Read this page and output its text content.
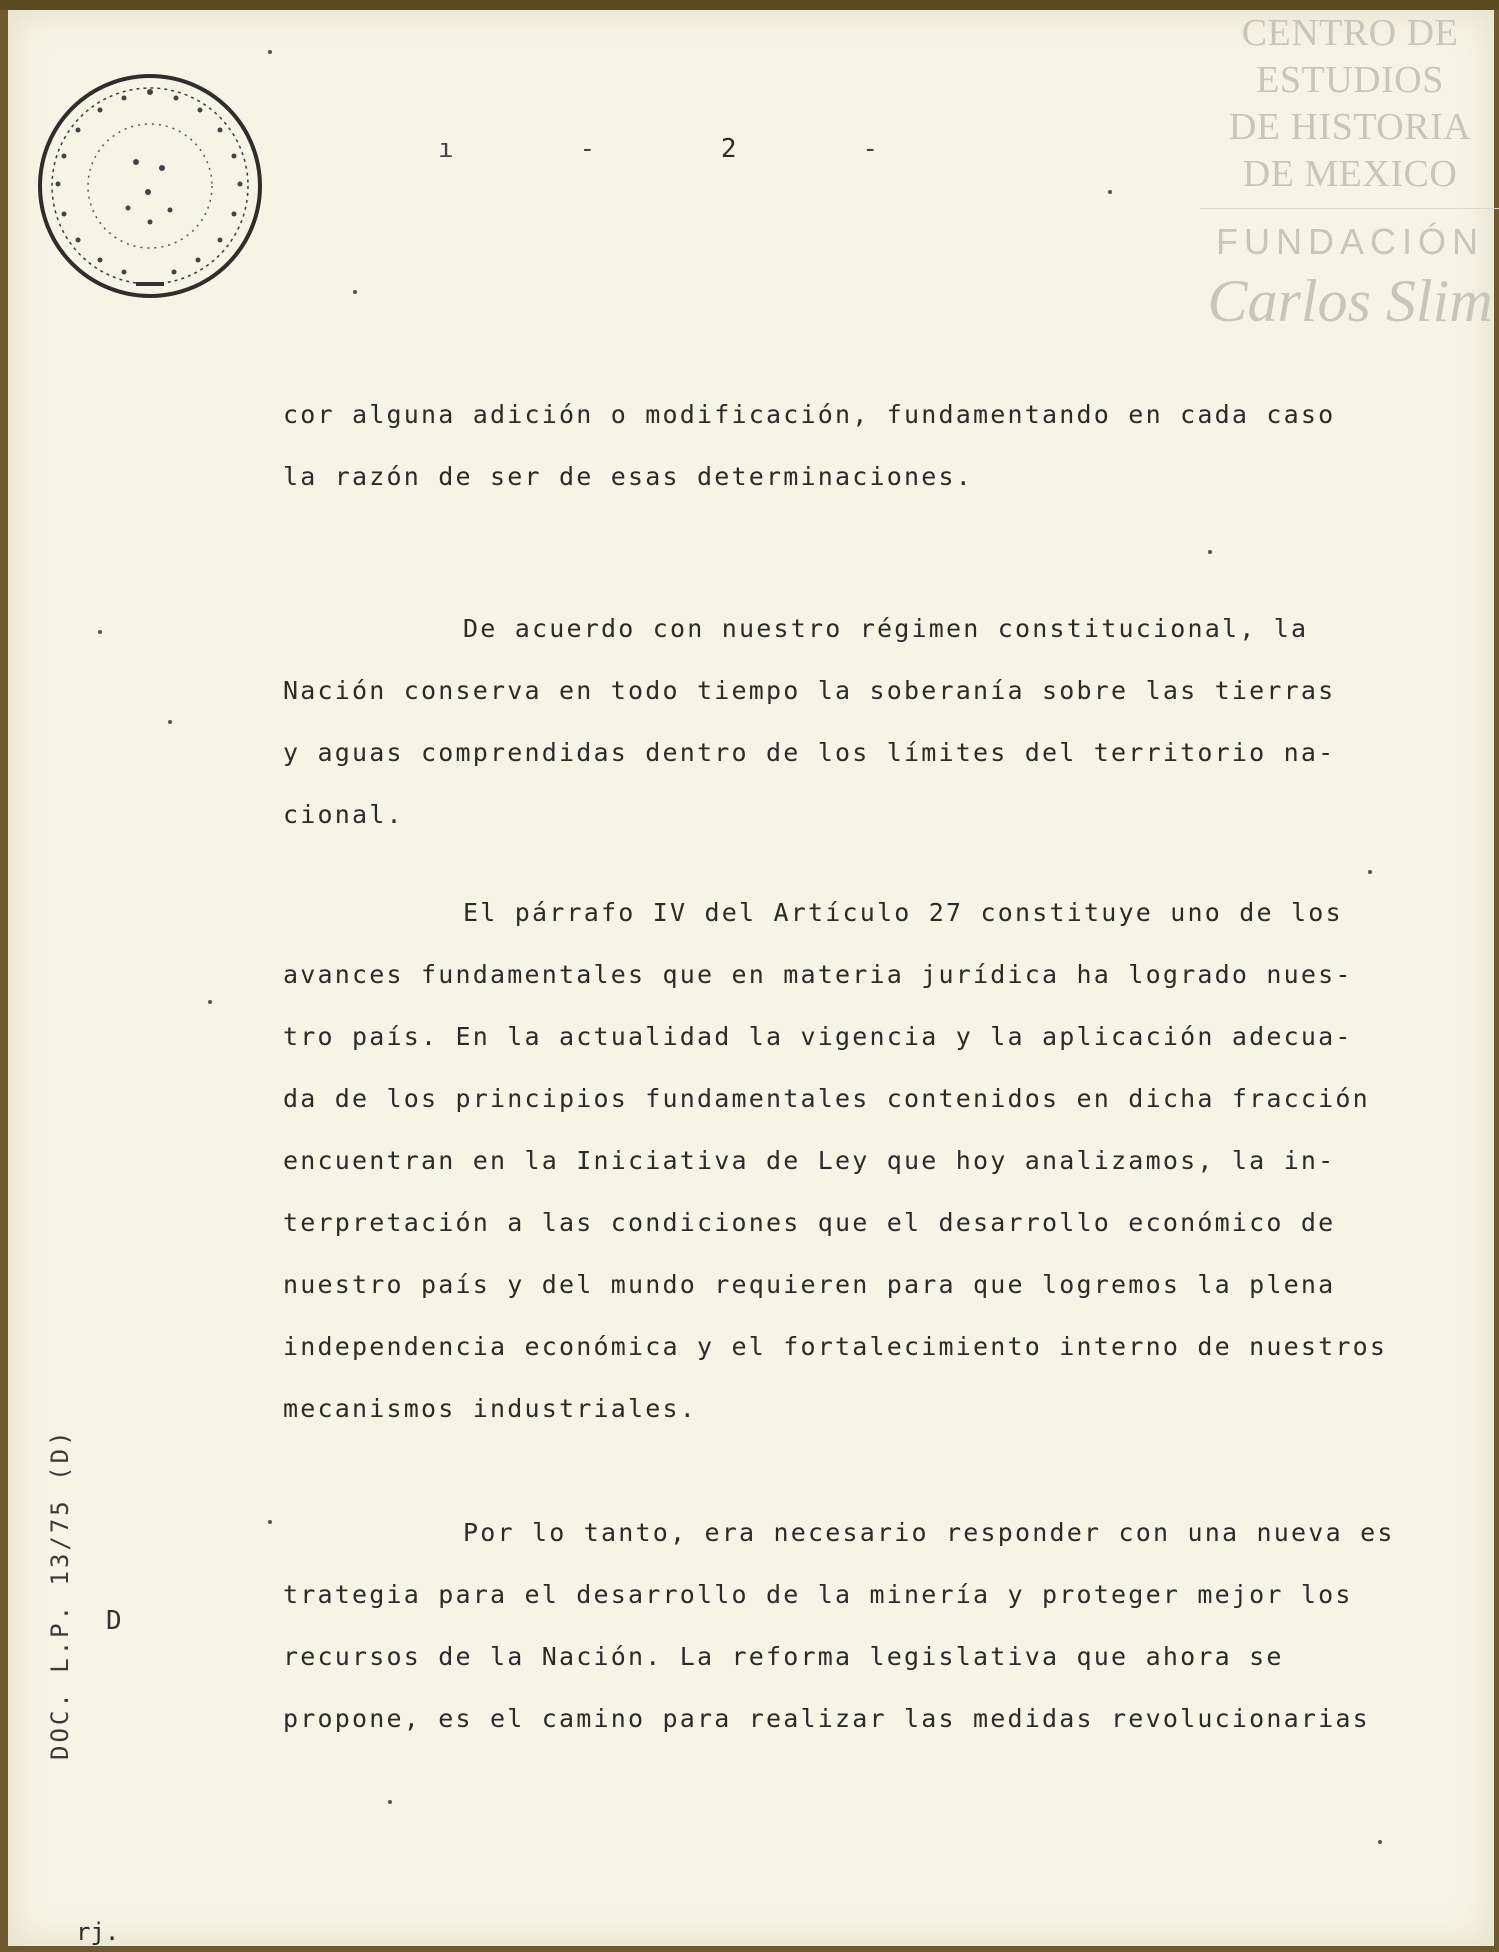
ı	-	2	-
cor alguna adición o modificación, fundamentando en cada caso
la razón de ser de esas determinaciones.
De acuerdo con nuestro régimen constitucional, la
Nación conserva en todo tiempo la soberanía sobre las tierras
y aguas comprendidas dentro de los límites del territorio na-
cional.
El párrafo IV del Artículo 27 constituye uno de los
avances fundamentales que en materia jurídica ha logrado nues-
tro país. En la actualidad la vigencia y la aplicación adecua-
da de los principios fundamentales contenidos en dicha fracción
encuentran en la Iniciativa de Ley que hoy analizamos, la in-
terpretación a las condiciones que el desarrollo económico de
nuestro país y del mundo requieren para que logremos la plena
independencia económica y el fortalecimiento interno de nuestros
mecanismos industriales.
Por lo tanto, era necesario responder con una nueva es
trategia para el desarrollo de la minería y proteger mejor los
recursos de la Nación. La reforma legislativa que ahora se
propone, es el camino para realizar las medidas revolucionarias
DOC. L.P. 13/75 (D) D
rj.
CENTRO DE
ESTUDIOS
DE HISTORIA
DE MEXICO
FUNDACIÓN
Carlos Slim
